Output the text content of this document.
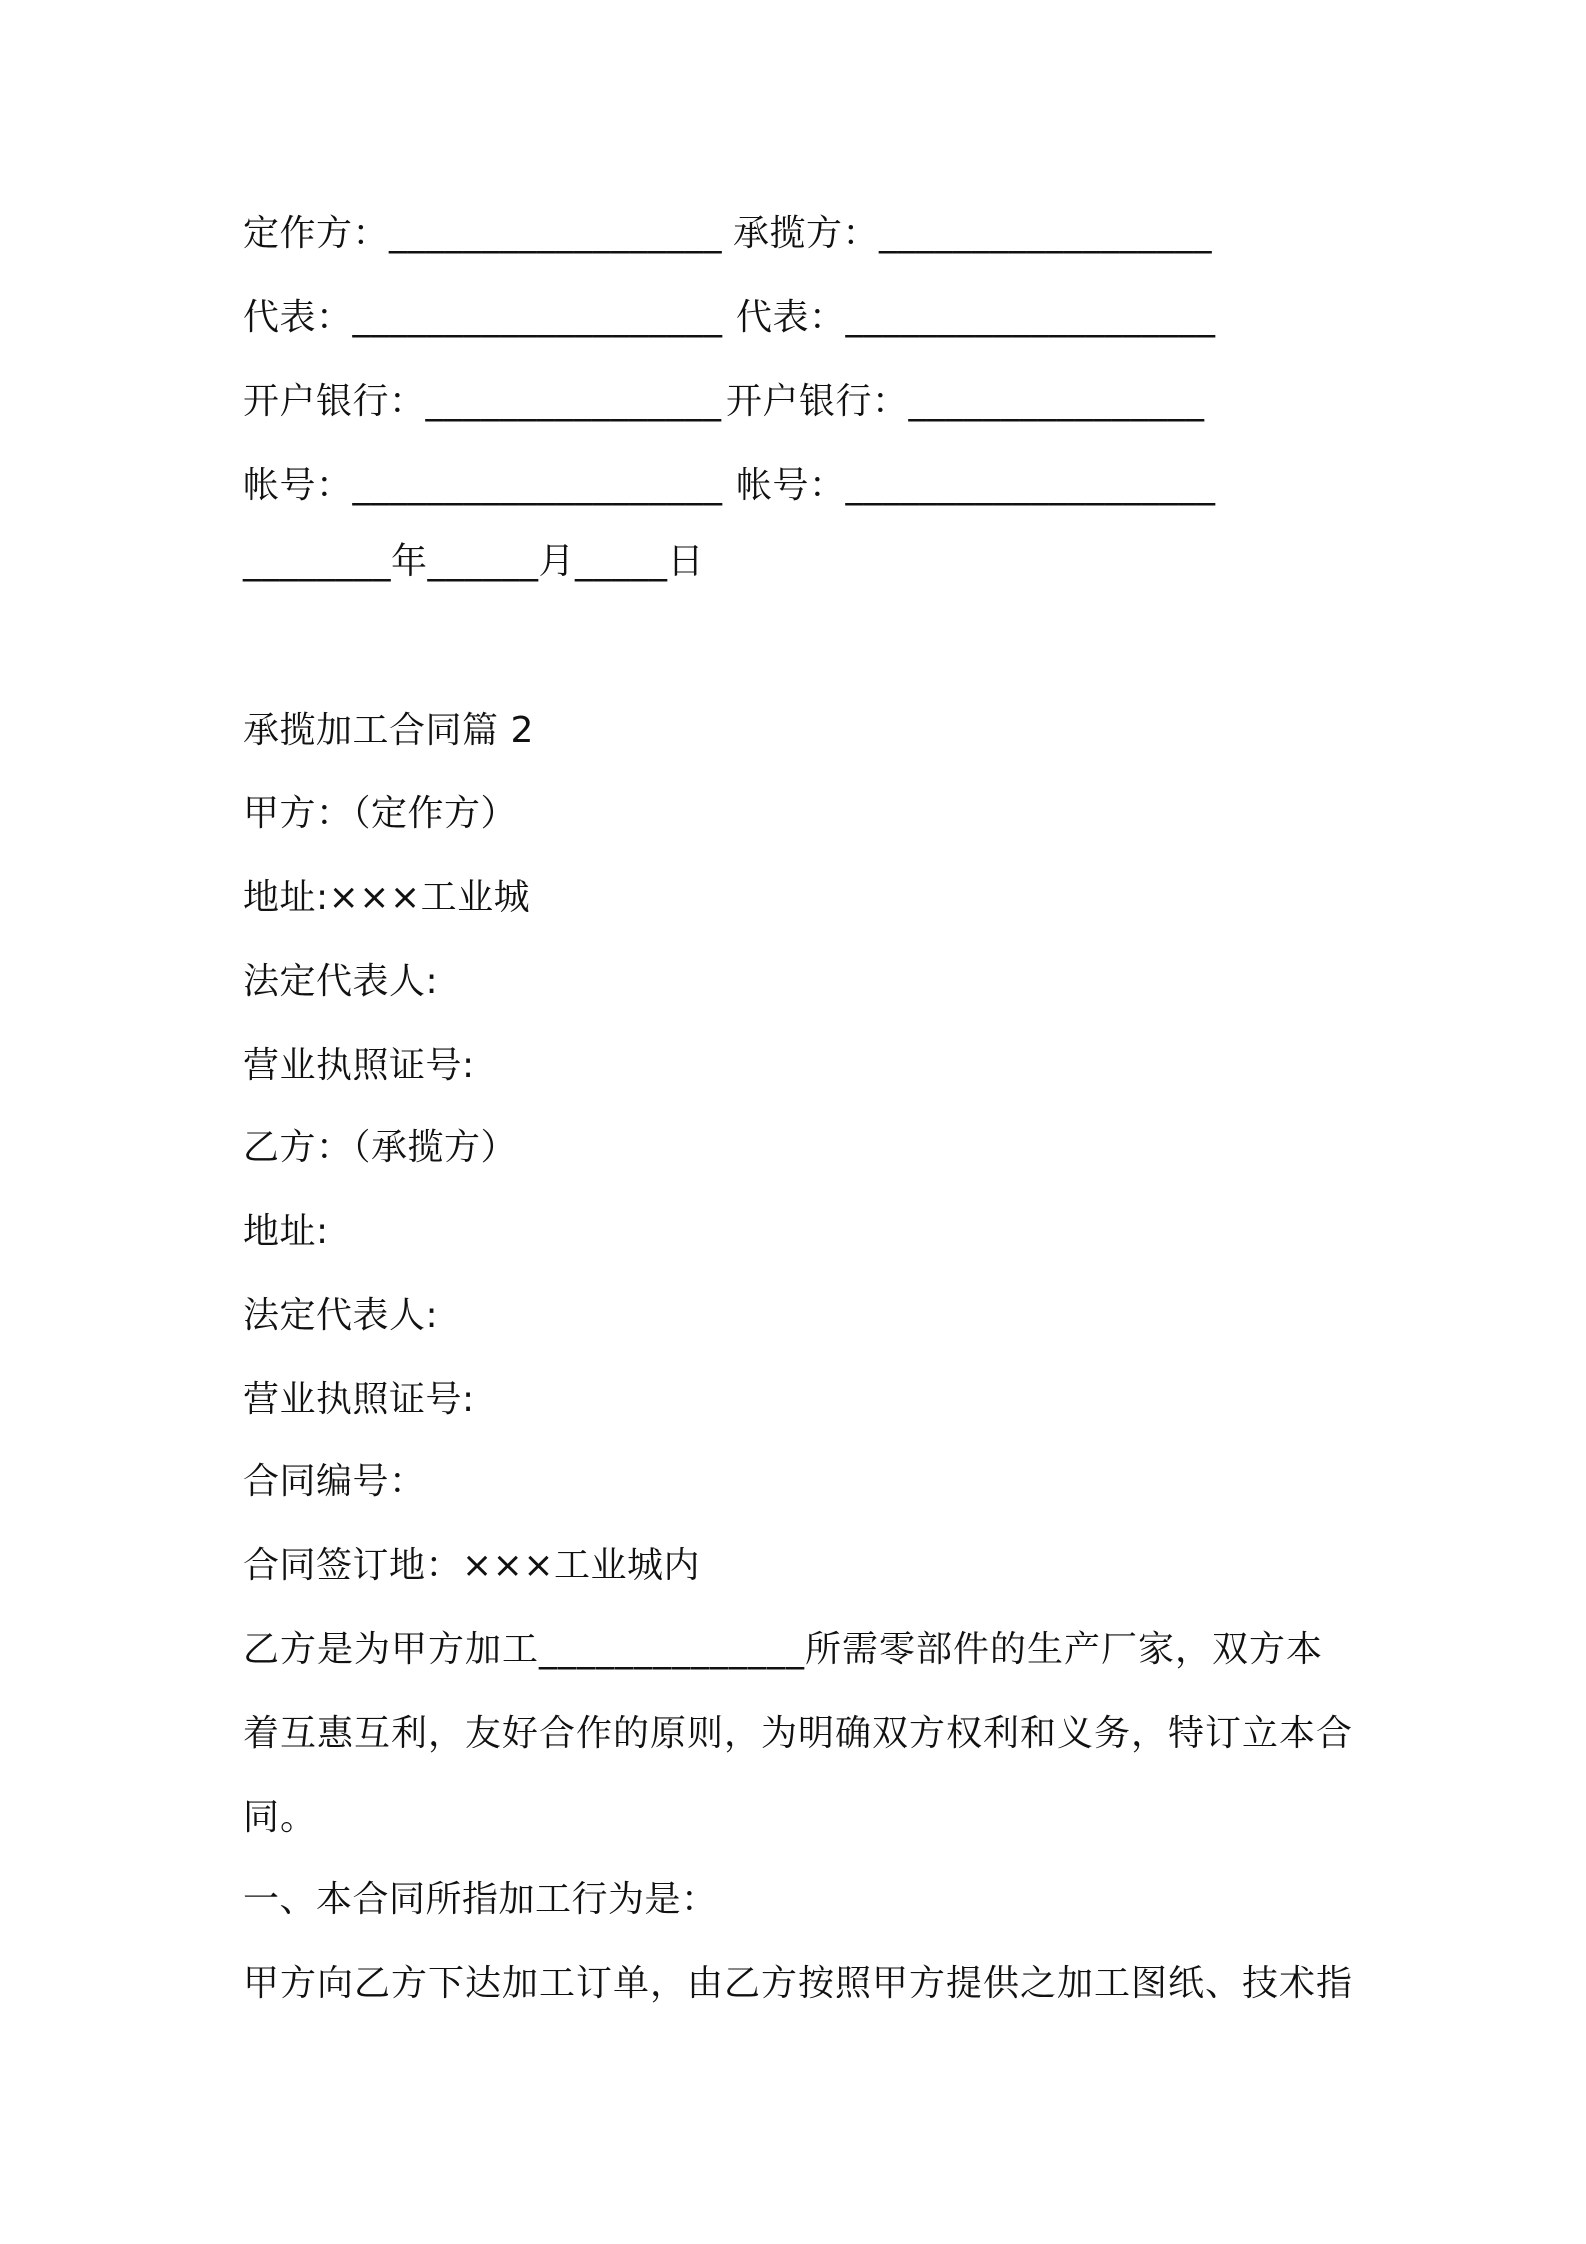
定作方：__________________ 承揽方：__________________
代表：____________________ 代表：____________________
开户银行：________________ 开户银行：________________
帐号：____________________ 帐号：____________________
________年______月_____日
承揽加工合同篇 2
甲方：（定作方）
地址:×××工业城
法定代表人:
营业执照证号:
乙方：（承揽方）
地址:
法定代表人:
营业执照证号:
合同编号：
合同签订地：×××工业城内
乙方是为甲方加工______________所需零部件的生产厂家，双方本
着互惠互利，友好合作的原则，为明确双方权利和义务，特订立本合
同。
一、本合同所指加工行为是：
甲方向乙方下达加工订单，由乙方按照甲方提供之加工图纸、技术指
